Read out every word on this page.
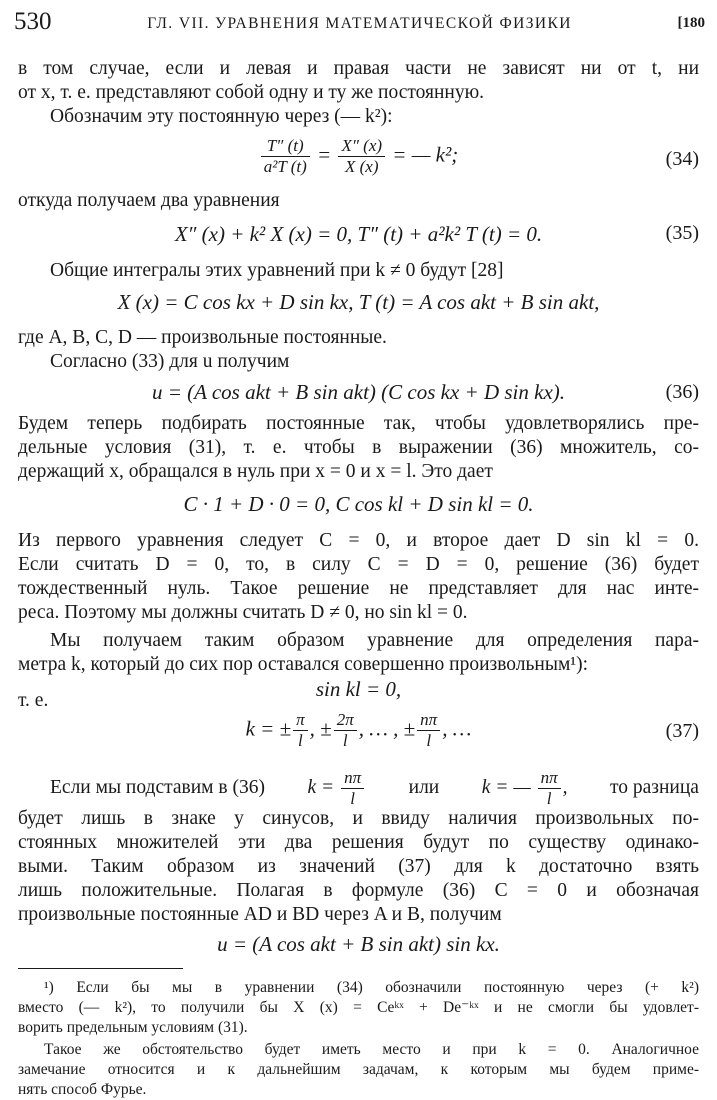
530	ГЛ. VII. УРАВНЕНИЯ МАТЕМАТИЧЕСКОЙ ФИЗИКИ	[180
в том случае, если и левая и правая части не зависят ни от t, ни
от x, т. е. представляют собой одну и ту же постоянную.
Обозначим эту постоянную через (— k²):
$\frac{T'' (t)}{\text{a²T (t)}} = \frac{X'' (x)}{X (x)}$ = — k²;	(34)
откуда получаем два уравнения
X″ (x) + k² X (x) = 0, T″ (t) + a²k² T (t) = 0.	(35)
Общие интегралы этих уравнений при k ≠ 0 будут [28]
X (x) = C cos kx + D sin kx, T (t) = A cos akt + B sin akt,
где A, B, C, D — произвольные постоянные.
Согласно (33) для u получим
u = (A cos akt + B sin akt) (C cos kx + D sin kx).	(36)
Будем теперь подбирать постоянные так, чтобы удовлетворялись пре-
дельные условия (31), т. е. чтобы в выражении (36) множитель, со-
держащий x, обращался в нуль при x = 0 и x = l. Это дает
C · 1 + D · 0 = 0, C cos kl + D sin kl = 0.
Из первого уравнения следует C = 0, и второе дает D sin kl = 0.
Если считать D = 0, то, в силу C = D = 0, решение (36) будет
тождественный нуль. Такое решение не представляет для нас инте-
реса. Поэтому мы должны считать D ≠ 0, но sin kl = 0.
Мы получаем таким образом уравнение для определения пара-
метра k, который до сих пор оставался совершенно произвольным¹):
sin kl = 0,
т. е.
k = ± $\frac{\pi}{l}$ , ± $\frac{2\pi}{l}$ , … , ± $\frac{n\pi}{l}$ , …	(37)
Если мы подставим в (36) $k = \frac{n\pi}{l}$ или k = — $\frac{n\pi}{l}$ , то разница
будет лишь в знаке у синусов, и ввиду наличия произвольных по-
стоянных множителей эти два решения будут по существу одинако-
выми. Таким образом из значений (37) для k достаточно взять
лишь положительные. Полагая в формуле (36) C = 0 и обозначая
произвольные постоянные AD и BD через A и B, получим
u = (A cos akt + B sin akt) sin kx.
¹) Если бы мы в уравнении (34) обозначили постоянную через (+ k²)
вместо (— k²), то получили бы X (x) = Ceᵏˣ + De⁻ᵏˣ и не смогли бы удовлет-
ворить предельным условиям (31).
Такое же обстоятельство будет иметь место и при k = 0. Аналогичное
замечание относится и к дальнейшим задачам, к которым мы будем приме-
нять способ Фурье.
